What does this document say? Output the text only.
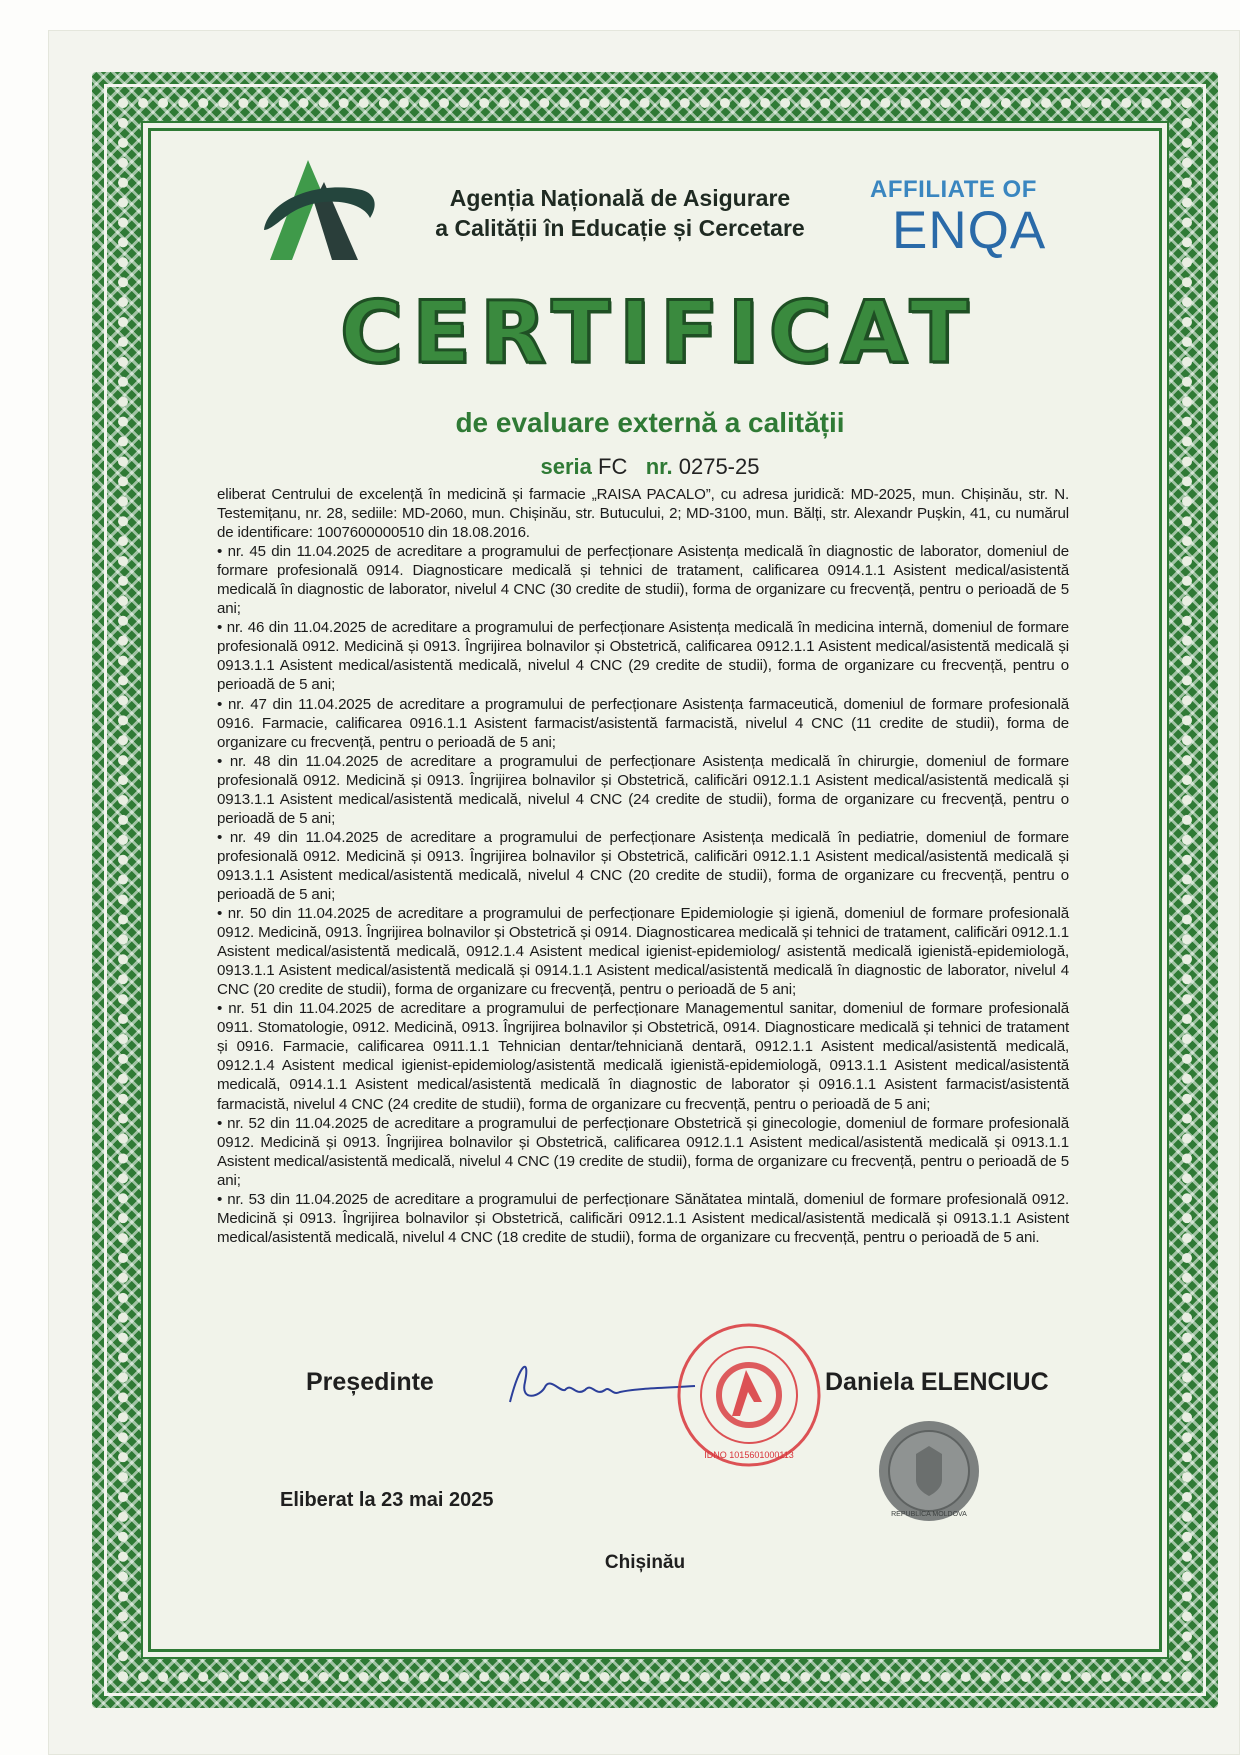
Agenția Națională de Asigurare
a Calității în Educație și Cercetare
AFFILIATE OF
ENQA
CERTIFICAT
de evaluare externă a calității
seria FC nr. 0275-25

eliberat Centrului de excelență în medicină și farmacie „RAISA PACALO”, cu adresa juridică: MD-2025, mun. Chișinău, str. N. Testemițanu, nr. 28, sediile: MD-2060, mun. Chișinău, str. Butucului, 2; MD-3100, mun. Bălți, str. Alexandr Pușkin, 41, cu numărul de identificare: 1007600000510 din 18.08.2016.

• nr. 45 din 11.04.2025 de acreditare a programului de perfecționare Asistența medicală în diagnostic de laborator, domeniul de formare profesională 0914. Diagnosticare medicală și tehnici de tratament, calificarea 0914.1.1 Asistent medical/asistentă medicală în diagnostic de laborator, nivelul 4 CNC (30 credite de studii), forma de organizare cu frecvență, pentru o perioadă de 5 ani;

• nr. 46 din 11.04.2025 de acreditare a programului de perfecționare Asistența medicală în medicina internă, domeniul de formare profesională 0912. Medicină și 0913. Îngrijirea bolnavilor și Obstetrică, calificarea 0912.1.1 Asistent medical/asistentă medicală și 0913.1.1 Asistent medical/asistentă medicală, nivelul 4 CNC (29 credite de studii), forma de organizare cu frecvență, pentru o perioadă de 5 ani;

• nr. 47 din 11.04.2025 de acreditare a programului de perfecționare Asistența farmaceutică, domeniul de formare profesională 0916. Farmacie, calificarea 0916.1.1 Asistent farmacist/asistentă farmacistă, nivelul 4 CNC (11 credite de studii), forma de organizare cu frecvență, pentru o perioadă de 5 ani;

• nr. 48 din 11.04.2025 de acreditare a programului de perfecționare Asistența medicală în chirurgie, domeniul de formare profesională 0912. Medicină și 0913. Îngrijirea bolnavilor și Obstetrică, calificări 0912.1.1 Asistent medical/asistentă medicală și 0913.1.1 Asistent medical/asistentă medicală, nivelul 4 CNC (24 credite de studii), forma de organizare cu frecvență, pentru o perioadă de 5 ani;

• nr. 49 din 11.04.2025 de acreditare a programului de perfecționare Asistența medicală în pediatrie, domeniul de formare profesională 0912. Medicină și 0913. Îngrijirea bolnavilor și Obstetrică, calificări 0912.1.1 Asistent medical/asistentă medicală și 0913.1.1 Asistent medical/asistentă medicală, nivelul 4 CNC (20 credite de studii), forma de organizare cu frecvență, pentru o perioadă de 5 ani;

• nr. 50 din 11.04.2025 de acreditare a programului de perfecționare Epidemiologie și igienă, domeniul de formare profesională 0912. Medicină, 0913. Îngrijirea bolnavilor și Obstetrică și 0914. Diagnosticarea medicală și tehnici de tratament, calificări 0912.1.1 Asistent medical/asistentă medicală, 0912.1.4 Asistent medical igienist-epidemiolog/ asistentă medicală igienistă-epidemiologă, 0913.1.1 Asistent medical/asistentă medicală și 0914.1.1 Asistent medical/asistentă medicală în diagnostic de laborator, nivelul 4 CNC (20 credite de studii), forma de organizare cu frecvență, pentru o perioadă de 5 ani;

• nr. 51 din 11.04.2025 de acreditare a programului de perfecționare Managementul sanitar, domeniul de formare profesională 0911. Stomatologie, 0912. Medicină, 0913. Îngrijirea bolnavilor și Obstetrică, 0914. Diagnosticare medicală și tehnici de tratament și 0916. Farmacie, calificarea 0911.1.1 Tehnician dentar/tehniciană dentară, 0912.1.1 Asistent medical/asistentă medicală, 0912.1.4 Asistent medical igienist-epidemiolog/asistentă medicală igienistă-epidemiologă, 0913.1.1 Asistent medical/asistentă medicală, 0914.1.1 Asistent medical/asistentă medicală în diagnostic de laborator și 0916.1.1 Asistent farmacist/asistentă farmacistă, nivelul 4 CNC (24 credite de studii), forma de organizare cu frecvență, pentru o perioadă de 5 ani;

• nr. 52 din 11.04.2025 de acreditare a programului de perfecționare Obstetrică și ginecologie, domeniul de formare profesională 0912. Medicină și 0913. Îngrijirea bolnavilor și Obstetrică, calificarea 0912.1.1 Asistent medical/asistentă medicală și 0913.1.1 Asistent medical/asistentă medicală, nivelul 4 CNC (19 credite de studii), forma de organizare cu frecvență, pentru o perioadă de 5 ani;

• nr. 53 din 11.04.2025 de acreditare a programului de perfecționare Sănătatea mintală, domeniul de formare profesională 0912. Medicină și 0913. Îngrijirea bolnavilor și Obstetrică, calificări 0912.1.1 Asistent medical/asistentă medicală și 0913.1.1 Asistent medical/asistentă medicală, nivelul 4 CNC (18 credite de studii), forma de organizare cu frecvență, pentru o perioadă de 5 ani.

Președinte
IDNO 1015601000113
REPUBLICA MOLDOVA
Daniela ELENCIUC
Eliberat la 23 mai 2025
Chișinău
